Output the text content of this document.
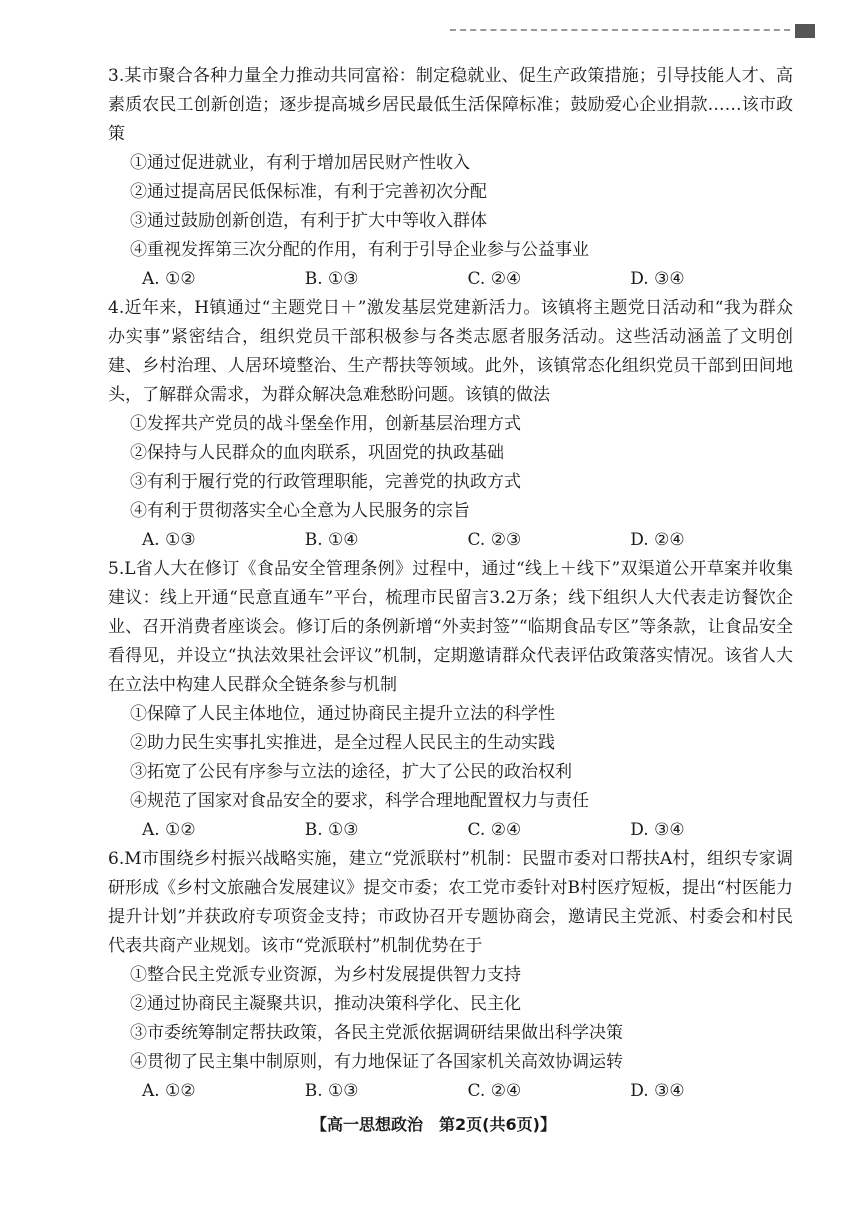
3.某市聚合各种力量全力推动共同富裕：制定稳就业、促生产政策措施；引导技能人才、高素质农民工创新创造；逐步提高城乡居民最低生活保障标准；鼓励爱心企业捐款……该市政策

①通过促进就业，有利于增加居民财产性收入

②通过提高居民低保标准，有利于完善初次分配

③通过鼓励创新创造，有利于扩大中等收入群体

④重视发挥第三次分配的作用，有利于引导企业参与公益事业

A. ①②	B. ①③	C. ②④	D. ③④

4.近年来，H镇通过“主题党日＋”激发基层党建新活力。该镇将主题党日活动和“我为群众办实事”紧密结合，组织党员干部积极参与各类志愿者服务活动。这些活动涵盖了文明创建、乡村治理、人居环境整治、生产帮扶等领域。此外，该镇常态化组织党员干部到田间地头，了解群众需求，为群众解决急难愁盼问题。该镇的做法

①发挥共产党员的战斗堡垒作用，创新基层治理方式

②保持与人民群众的血肉联系，巩固党的执政基础

③有利于履行党的行政管理职能，完善党的执政方式

④有利于贯彻落实全心全意为人民服务的宗旨

A. ①③	B. ①④	C. ②③	D. ②④

5.L省人大在修订《食品安全管理条例》过程中，通过“线上＋线下”双渠道公开草案并收集建议：线上开通“民意直通车”平台，梳理市民留言3.2万条；线下组织人大代表走访餐饮企业、召开消费者座谈会。修订后的条例新增“外卖封签”“临期食品专区”等条款，让食品安全看得见，并设立“执法效果社会评议”机制，定期邀请群众代表评估政策落实情况。该省人大在立法中构建人民群众全链条参与机制

①保障了人民主体地位，通过协商民主提升立法的科学性

②助力民生实事扎实推进，是全过程人民民主的生动实践

③拓宽了公民有序参与立法的途径，扩大了公民的政治权利

④规范了国家对食品安全的要求，科学合理地配置权力与责任

A. ①②	B. ①③	C. ②④	D. ③④

6.M市围绕乡村振兴战略实施，建立“党派联村”机制：民盟市委对口帮扶A村，组织专家调研形成《乡村文旅融合发展建议》提交市委；农工党市委针对B村医疗短板，提出“村医能力提升计划”并获政府专项资金支持；市政协召开专题协商会，邀请民主党派、村委会和村民代表共商产业规划。该市“党派联村”机制优势在于

①整合民主党派专业资源，为乡村发展提供智力支持

②通过协商民主凝聚共识，推动决策科学化、民主化

③市委统筹制定帮扶政策，各民主党派依据调研结果做出科学决策

④贯彻了民主集中制原则，有力地保证了各国家机关高效协调运转

A. ①②	B. ①③	C. ②④	D. ③④
【高一思想政治　第2页(共6页)】
